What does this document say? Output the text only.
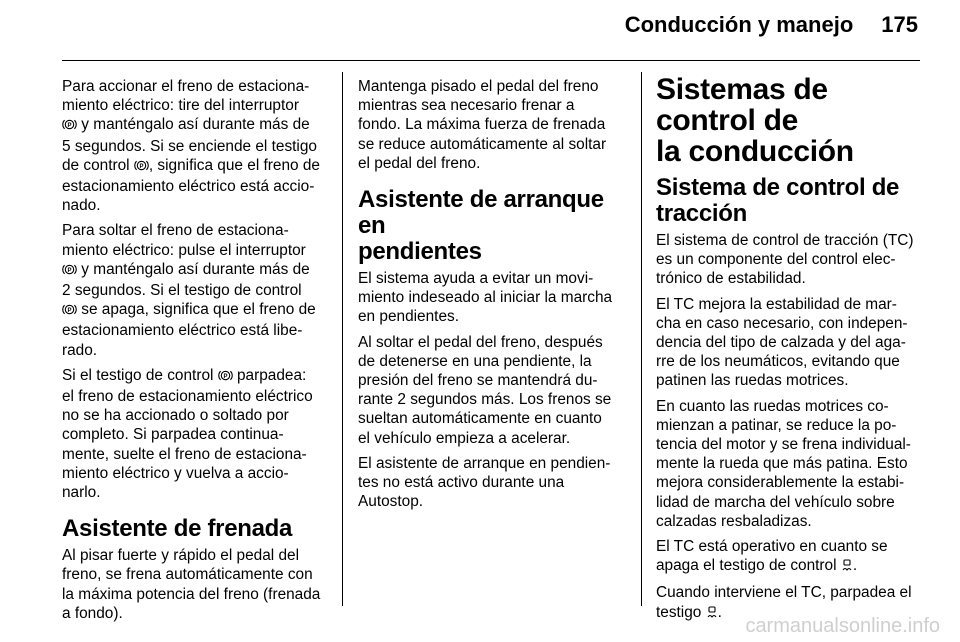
Conducción y manejo 175

Para accionar el freno de estaciona-
miento eléctrico: tire del interruptor

P y manténgalo así durante más de
5 segundos. Si se enciende el testigo
de control P , significa que el freno de
estacionamiento eléctrico está accio-
nado.

Para soltar el freno de estaciona-
miento eléctrico: pulse el interruptor

P y manténgalo así durante más de
2 segundos. Si el testigo de control

P se apaga, significa que el freno de
estacionamiento eléctrico está libe-
rado.

Si el testigo de control P parpadea:
el freno de estacionamiento eléctrico
no se ha accionado o soltado por
completo. Si parpadea continua-
mente, suelte el freno de estaciona-
miento eléctrico y vuelva a accio-
narlo.

Asistente de frenada

Al pisar fuerte y rápido el pedal del
freno, se frena automáticamente con
la máxima potencia del freno (frenada
a fondo).

Mantenga pisado el pedal del freno
mientras sea necesario frenar a
fondo. La máxima fuerza de frenada
se reduce automáticamente al soltar
el pedal del freno.

Asistente de arranque en
pendientes

El sistema ayuda a evitar un movi-
miento indeseado al iniciar la marcha
en pendientes.

Al soltar el pedal del freno, después
de detenerse en una pendiente, la
presión del freno se mantendrá du-
rante 2 segundos más. Los frenos se
sueltan automáticamente en cuanto
el vehículo empieza a acelerar.

El asistente de arranque en pendien-
tes no está activo durante una
Autostop.

Sistemas de control de
la conducción
Sistema de control de
tracción

El sistema de control de tracción (TC)
es un componente del control elec-
trónico de estabilidad.

El TC mejora la estabilidad de mar-
cha en caso necesario, con indepen-
dencia del tipo de calzada y del aga-
rre de los neumáticos, evitando que
patinen las ruedas motrices.

En cuanto las ruedas motrices co-
mienzan a patinar, se reduce la po-
tencia del motor y se frena individual-
mente la rueda que más patina. Esto
mejora considerablemente la estabi-
lidad de marcha del vehículo sobre
calzadas resbaladizas.

El TC está operativo en cuanto se
apaga el testigo de control .

Cuando interviene el TC, parpadea el
testigo .

carmanualsonline.info
